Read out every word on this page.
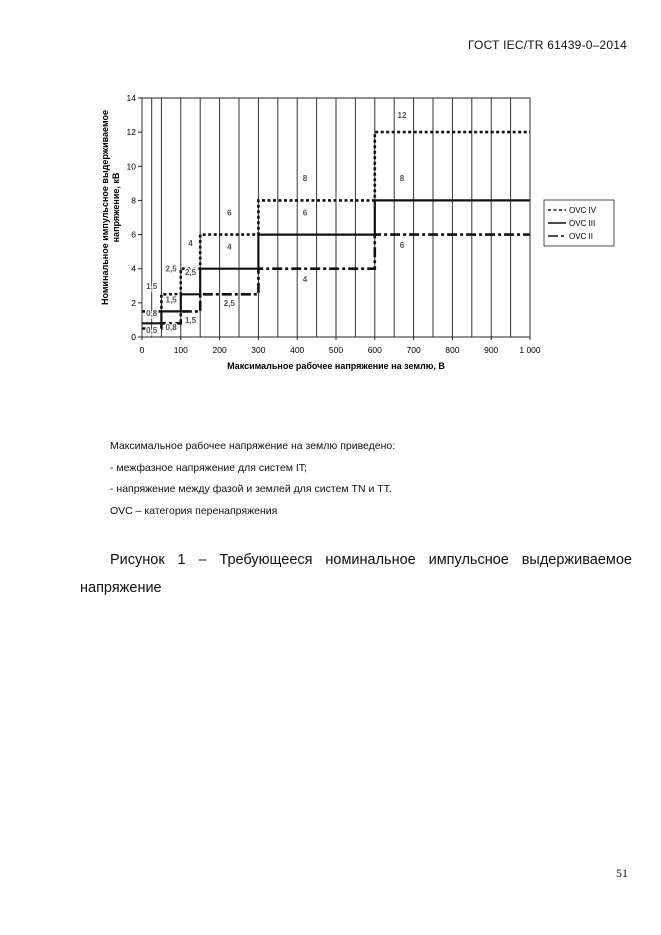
ГОСТ IEC/TR 61439-0–2014
0
2
4
6
8
10
12
14
0	100	200	300	400	500	600	700	800	900 1 000
Максимальное рабочее напряжение на землю, В
Номинальное импульсное выдерживаемоенапряжение, кВ
1,5
0,8
0,5
2,5
1,5
0,8
4
2,5
1,5
6
4
2,5
8
6
4
12
8
6
OVC IV
OVC III
OVC II
Максимальное рабочее напряжение на землю приведено:
- межфазное напряжение для систем IT;
- напряжение между фазой и землей для систем TN и TT.
OVC – категория перенапряжения
Рисунок 1 – Требующееся номинальное импульсное выдерживаемое
напряжение
51
